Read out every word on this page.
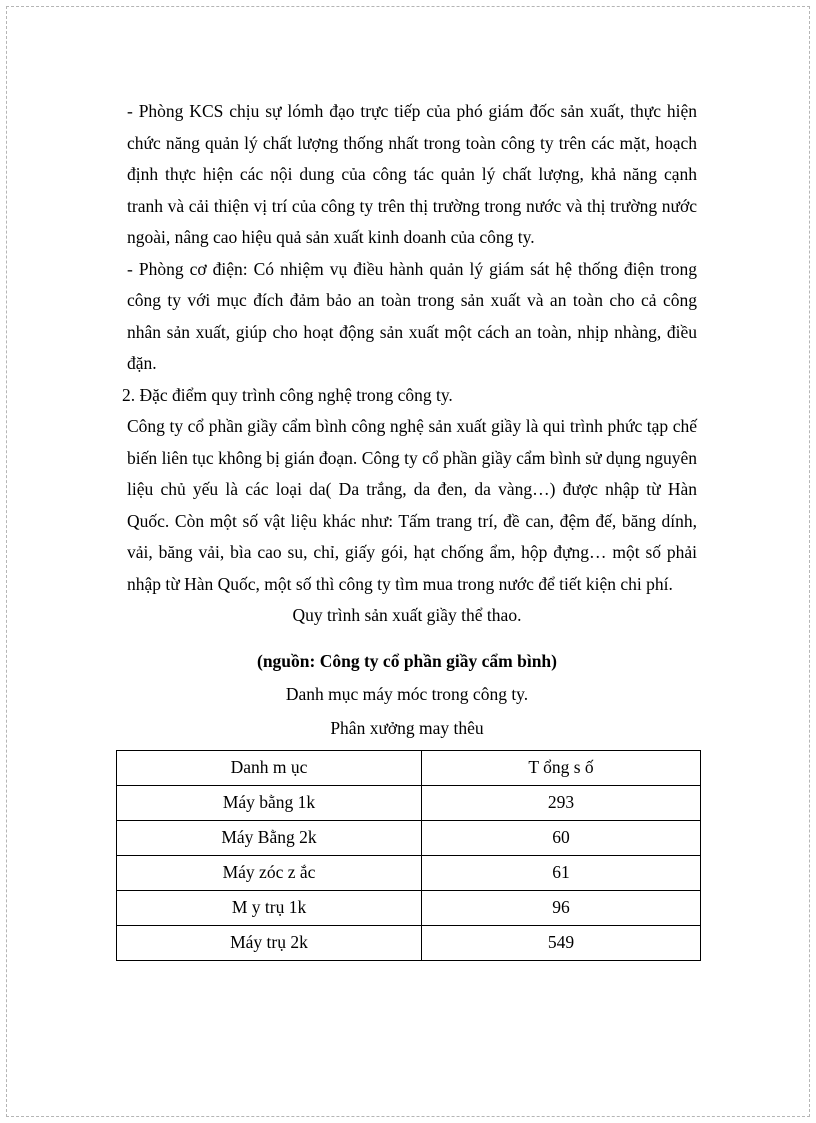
- Phòng KCS chịu sự lómh đạo trực tiếp của phó giám đốc sản xuất, thực hiện chức năng quản lý chất lượng thống nhất trong toàn công ty trên các mặt, hoạch định thực hiện các nội dung của công tác quản lý chất lượng, khả năng cạnh tranh và cải thiện vị trí của công ty trên thị trường trong nước và thị trường nước ngoài, nâng cao hiệu quả sản xuất kinh doanh của công ty.

- Phòng cơ điện: Có nhiệm vụ điều hành quản lý giám sát hệ thống điện trong công ty với mục đích đảm bảo an toàn trong sản xuất và an toàn cho cả công nhân sản xuất, giúp cho hoạt động sản xuất một cách an toàn, nhịp nhàng, điều đặn.

2. Đặc điểm quy trình công nghệ trong công ty.

Công ty cổ phần giầy cẩm bình công nghệ sản xuất giầy là qui trình phức tạp chế biến liên tục không bị gián đoạn. Công ty cổ phần giầy cẩm bình sử dụng nguyên liệu chủ yếu là các loại da( Da trắng, da đen, da vàng…) được nhập từ Hàn Quốc. Còn một số vật liệu khác như: Tấm trang trí, đề can, đệm đế, băng dính, vải, băng vải, bìa cao su, chỉ, giấy gói, hạt chống ẩm, hộp đựng… một số phải nhập từ Hàn Quốc, một số thì công ty tìm mua trong nước để tiết kiện chi phí.

Quy trình sản xuất giầy thể thao.

(nguồn: Công ty cổ phần giầy cẩm bình)

Danh mục máy móc trong công ty.

Phân xưởng may thêu

Danh m ục	T ổng s ố
Máy bằng 1k	293
Máy Bằng 2k	60
Máy zóc z ắc	61
M y trụ 1k	96
Máy trụ 2k	549
